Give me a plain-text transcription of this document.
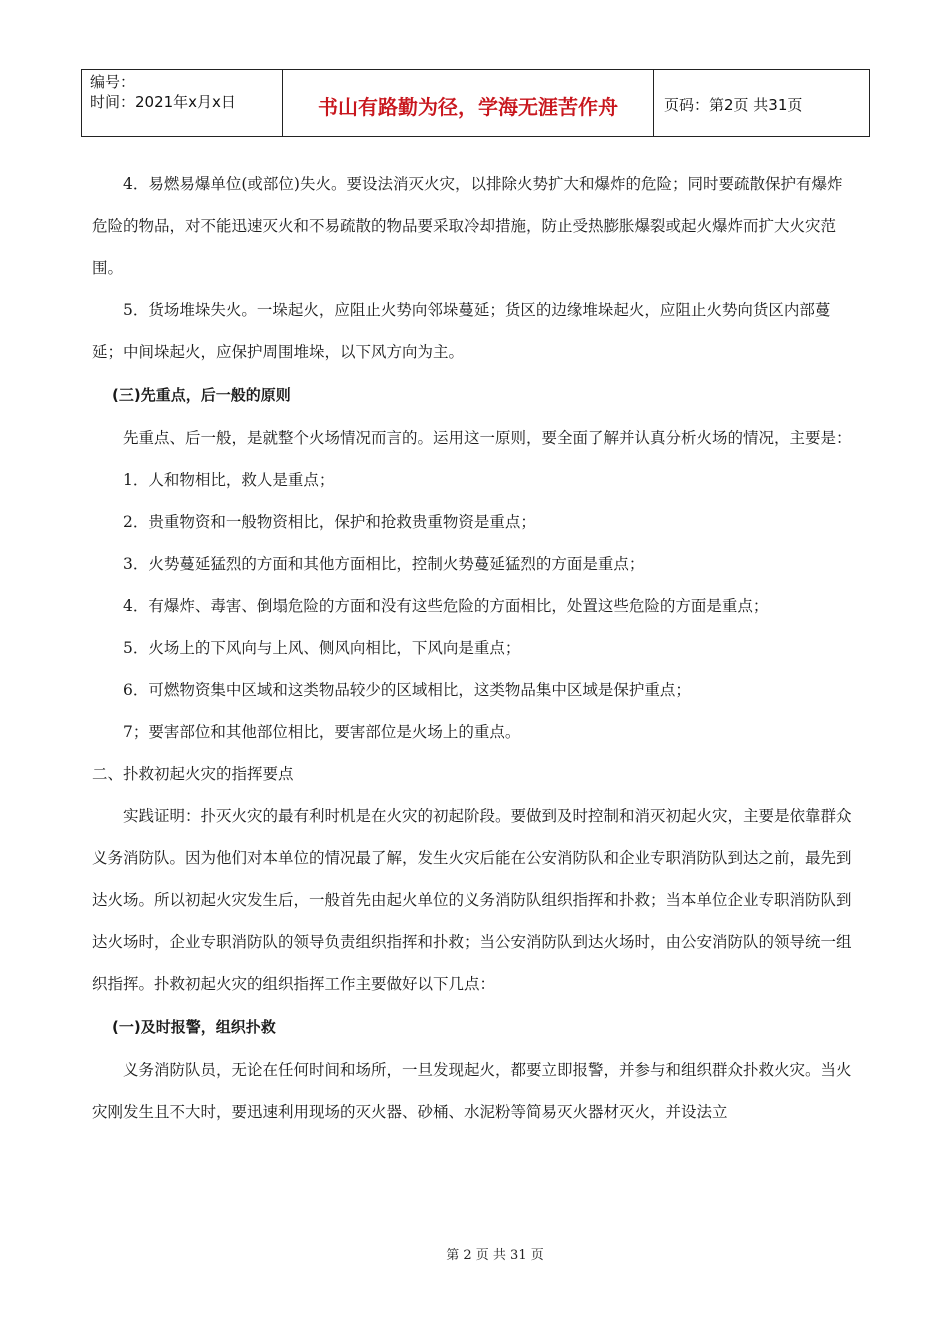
编号：
时间：2021年x月x日	书山有路勤为径，学海无涯苦作舟	页码：第2页 共31页

4．易燃易爆单位(或部位)失火。要设法消灭火灾，以排除火势扩大和爆炸的危险；同时要疏散保护有爆炸危险的物品，对不能迅速灭火和不易疏散的物品要采取冷却措施，防止受热膨胀爆裂或起火爆炸而扩大火灾范围。

5．货场堆垛失火。一垛起火，应阻止火势向邻垛蔓延；货区的边缘堆垛起火，应阻止火势向货区内部蔓延；中间垛起火，应保护周围堆垛，以下风方向为主。

(三)先重点，后一般的原则

先重点、后一般，是就整个火场情况而言的。运用这一原则，要全面了解并认真分析火场的情况，主要是：

1．人和物相比，救人是重点；

2．贵重物资和一般物资相比，保护和抢救贵重物资是重点；

3．火势蔓延猛烈的方面和其他方面相比，控制火势蔓延猛烈的方面是重点；

4．有爆炸、毒害、倒塌危险的方面和没有这些危险的方面相比，处置这些危险的方面是重点；

5．火场上的下风向与上风、侧风向相比，下风向是重点；

6．可燃物资集中区域和这类物品较少的区域相比，这类物品集中区域是保护重点；

7；要害部位和其他部位相比，要害部位是火场上的重点。

二、扑救初起火灾的指挥要点

实践证明：扑灭火灾的最有利时机是在火灾的初起阶段。要做到及时控制和消灭初起火灾，主要是依靠群众义务消防队。因为他们对本单位的情况最了解，发生火灾后能在公安消防队和企业专职消防队到达之前，最先到达火场。所以初起火灾发生后，一般首先由起火单位的义务消防队组织指挥和扑救；当本单位企业专职消防队到达火场时，企业专职消防队的领导负责组织指挥和扑救；当公安消防队到达火场时，由公安消防队的领导统一组织指挥。扑救初起火灾的组织指挥工作主要做好以下几点：

(一)及时报警，组织扑救

义务消防队员，无论在任何时间和场所，一旦发现起火，都要立即报警，并参与和组织群众扑救火灾。当火灾刚发生且不大时，要迅速利用现场的灭火器、砂桶、水泥粉等简易灭火器材灭火，并设法立

第 2 页 共 31 页
